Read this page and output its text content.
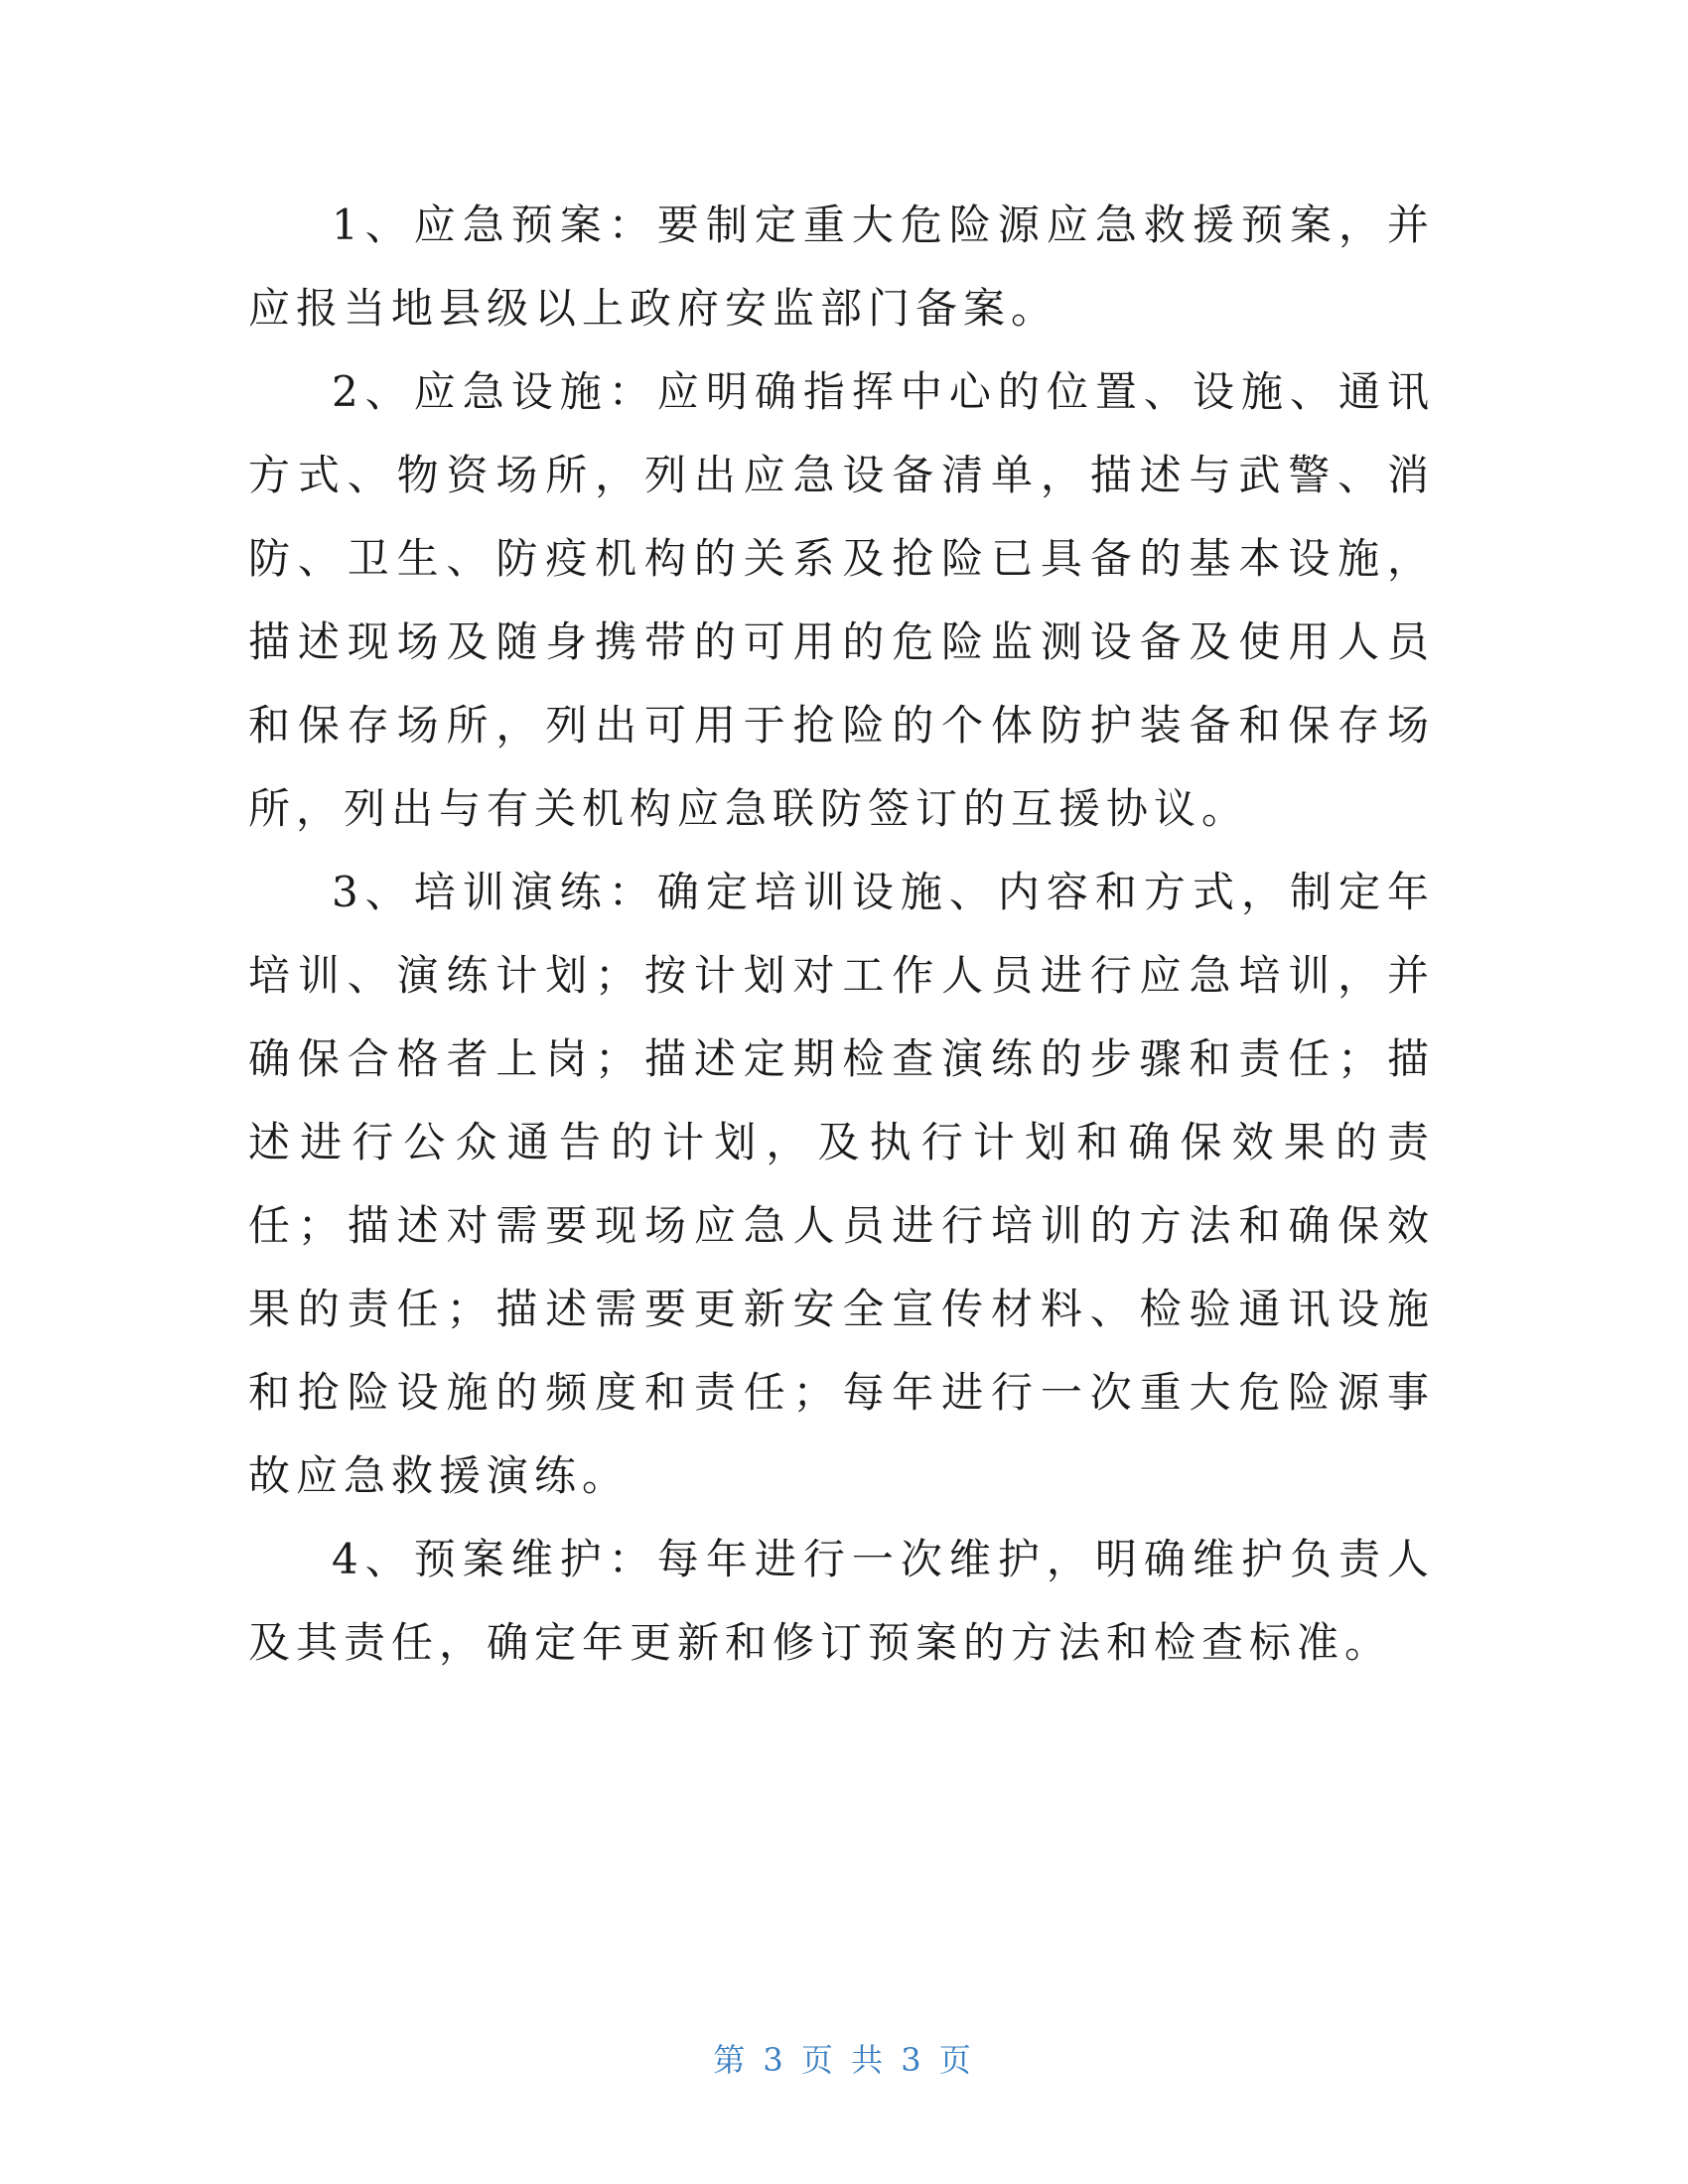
1、应急预案：要制定重大危险源应急救援预案，并应报当地县级以上政府安监部门备案。

2、应急设施：应明确指挥中心的位置、设施、通讯方式、物资场所，列出应急设备清单，描述与武警、消防、卫生、防疫机构的关系及抢险已具备的基本设施，描述现场及随身携带的可用的危险监测设备及使用人员和保存场所，列出可用于抢险的个体防护装备和保存场所，列出与有关机构应急联防签订的互援协议。

3、培训演练：确定培训设施、内容和方式，制定年培训、演练计划；按计划对工作人员进行应急培训，并确保合格者上岗；描述定期检查演练的步骤和责任；描述进行公众通告的计划，及执行计划和确保效果的责任；描述对需要现场应急人员进行培训的方法和确保效果的责任；描述需要更新安全宣传材料、检验通讯设施和抢险设施的频度和责任；每年进行一次重大危险源事故应急救援演练。

4、预案维护：每年进行一次维护，明确维护负责人及其责任，确定年更新和修订预案的方法和检查标准。

第 3 页 共 3 页
